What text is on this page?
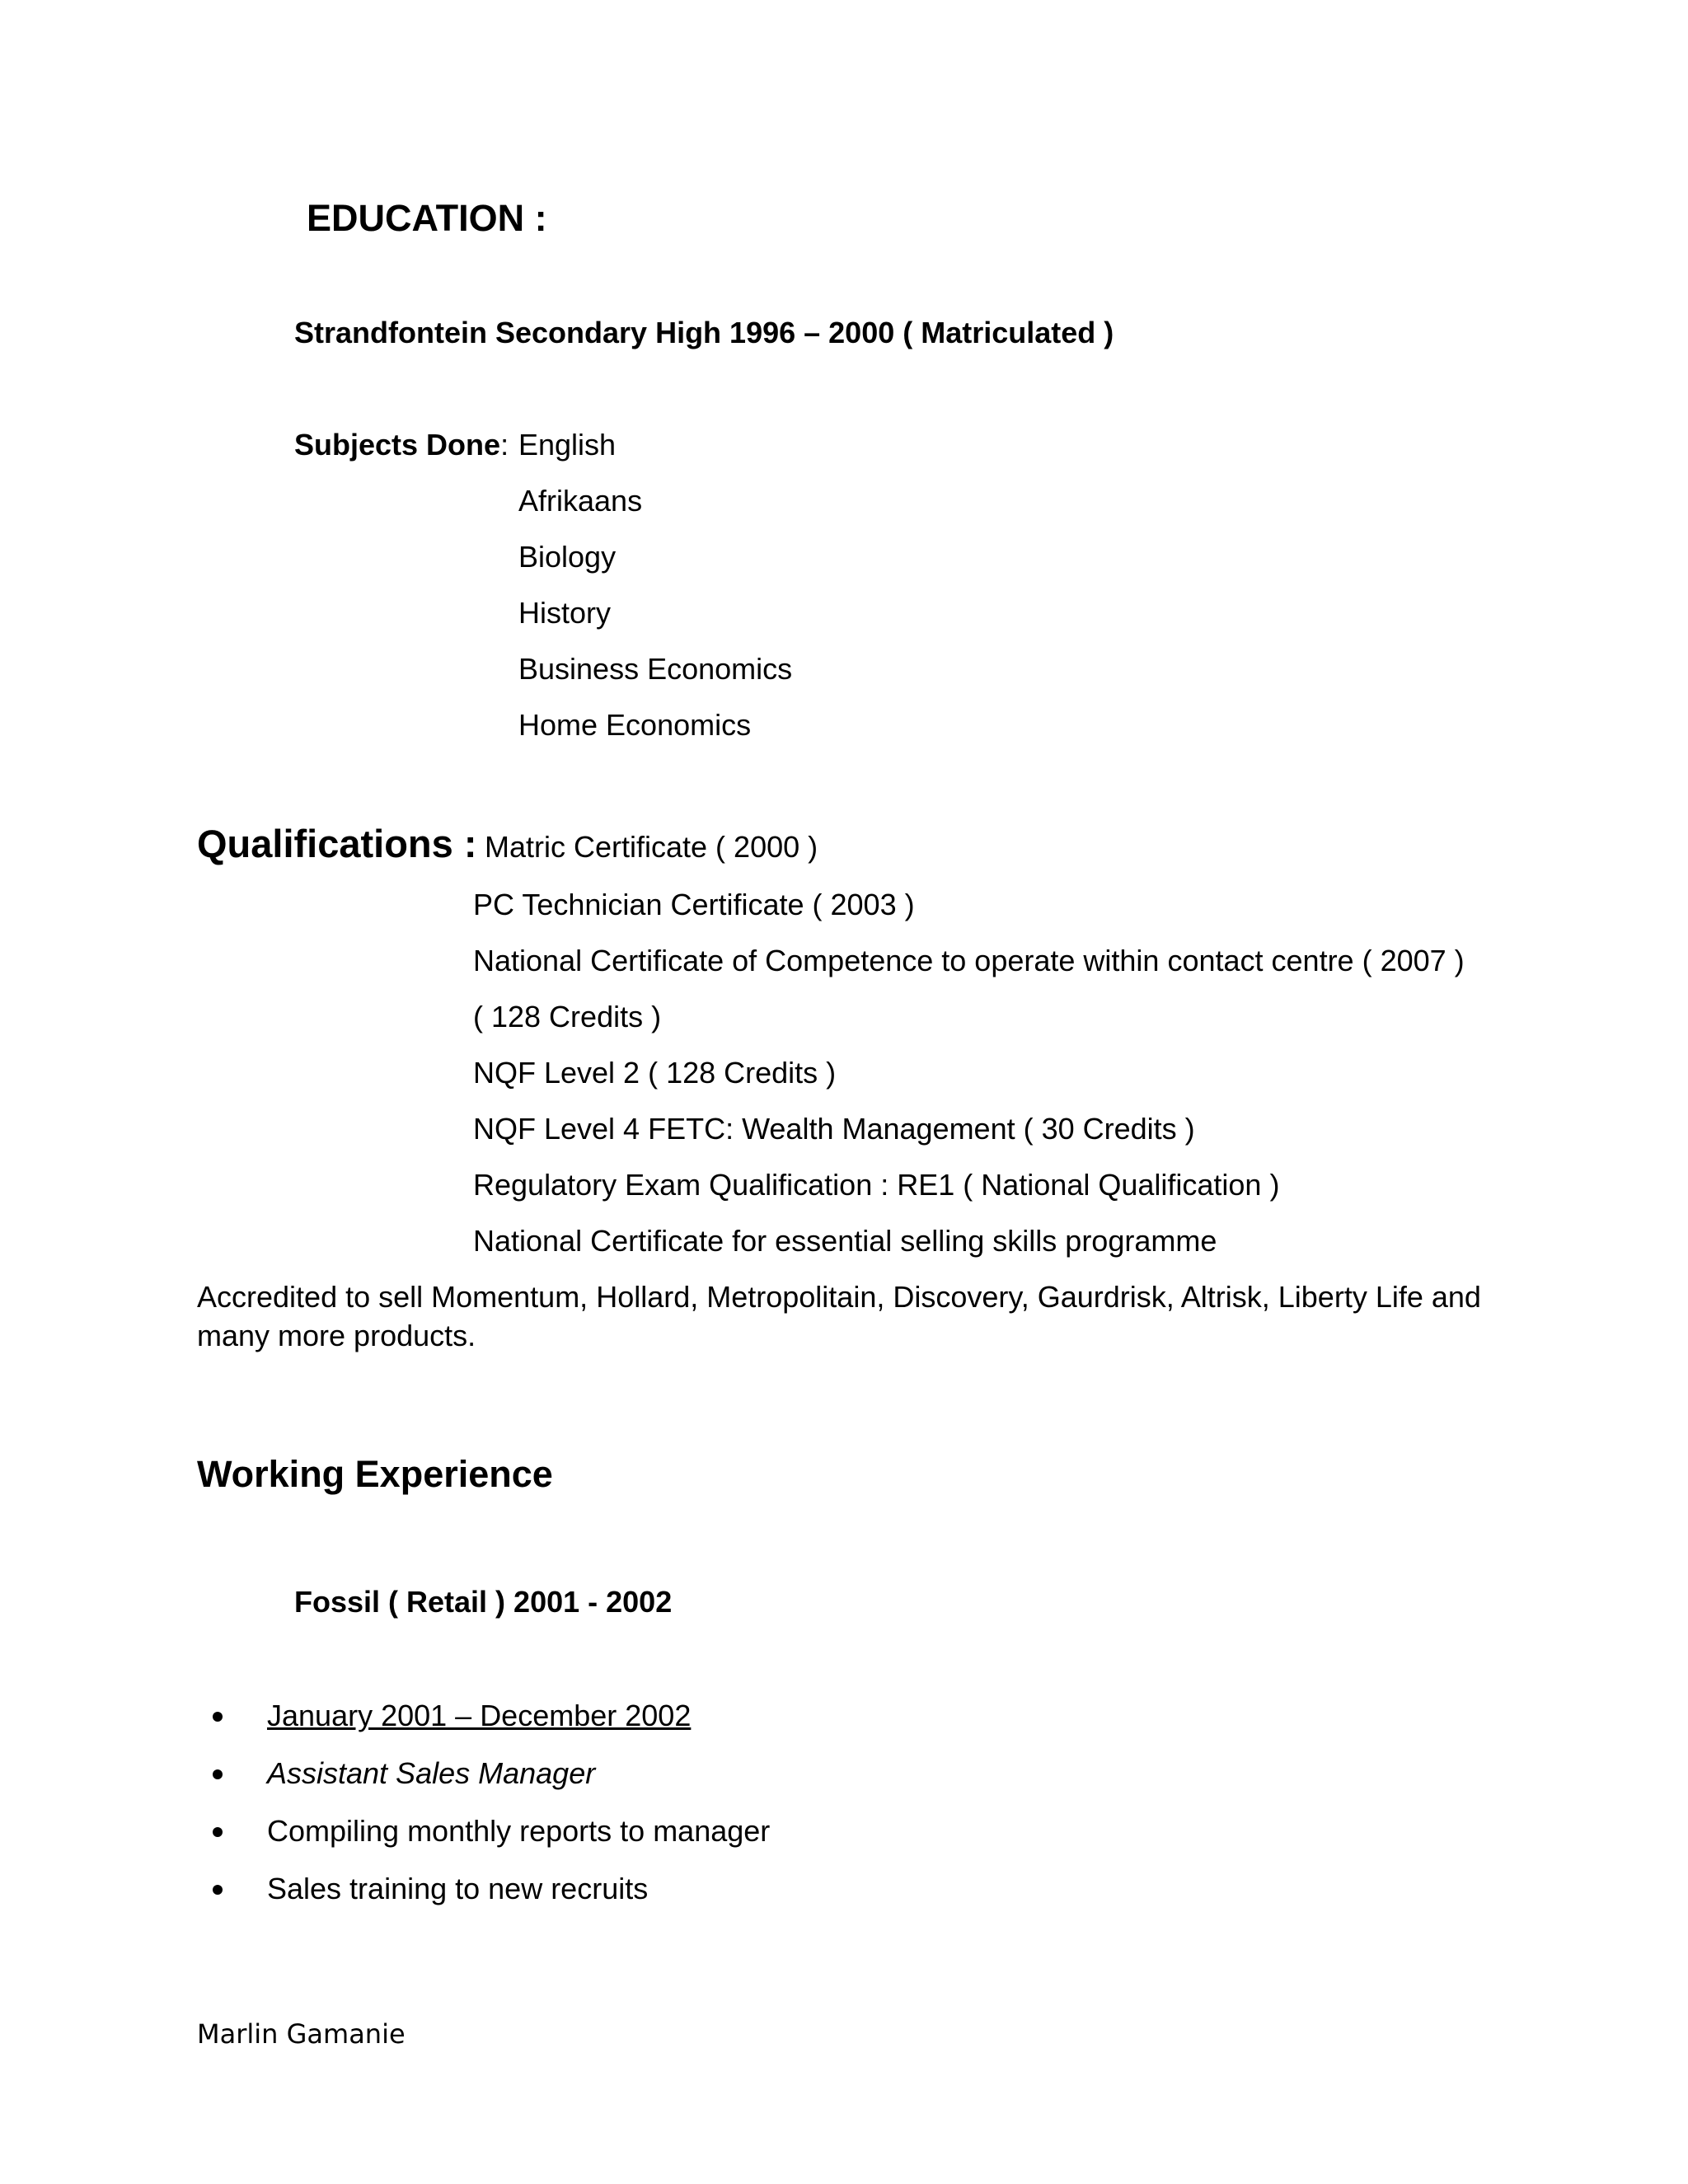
EDUCATION :
Strandfontein Secondary High 1996 – 2000 ( Matriculated )
Subjects Done: English
Afrikaans
Biology
History
Business Economics
Home Economics
Qualifications : Matric Certificate ( 2000 )
PC Technician Certificate ( 2003 )
National Certificate of Competence to operate within contact centre ( 2007 )
( 128 Credits )
NQF Level 2 ( 128 Credits )
NQF Level 4 FETC: Wealth Management ( 30 Credits )
Regulatory Exam Qualification : RE1 ( National Qualification )
National Certificate for essential selling skills programme
Accredited to sell Momentum, Hollard, Metropolitain, Discovery, Gaurdrisk, Altrisk, Liberty Life and many more products.
Working Experience
Fossil ( Retail ) 2001 - 2002
January 2001 – December 2002
Assistant Sales Manager
Compiling monthly reports to manager
Sales training to new recruits
Marlin Gamanie
